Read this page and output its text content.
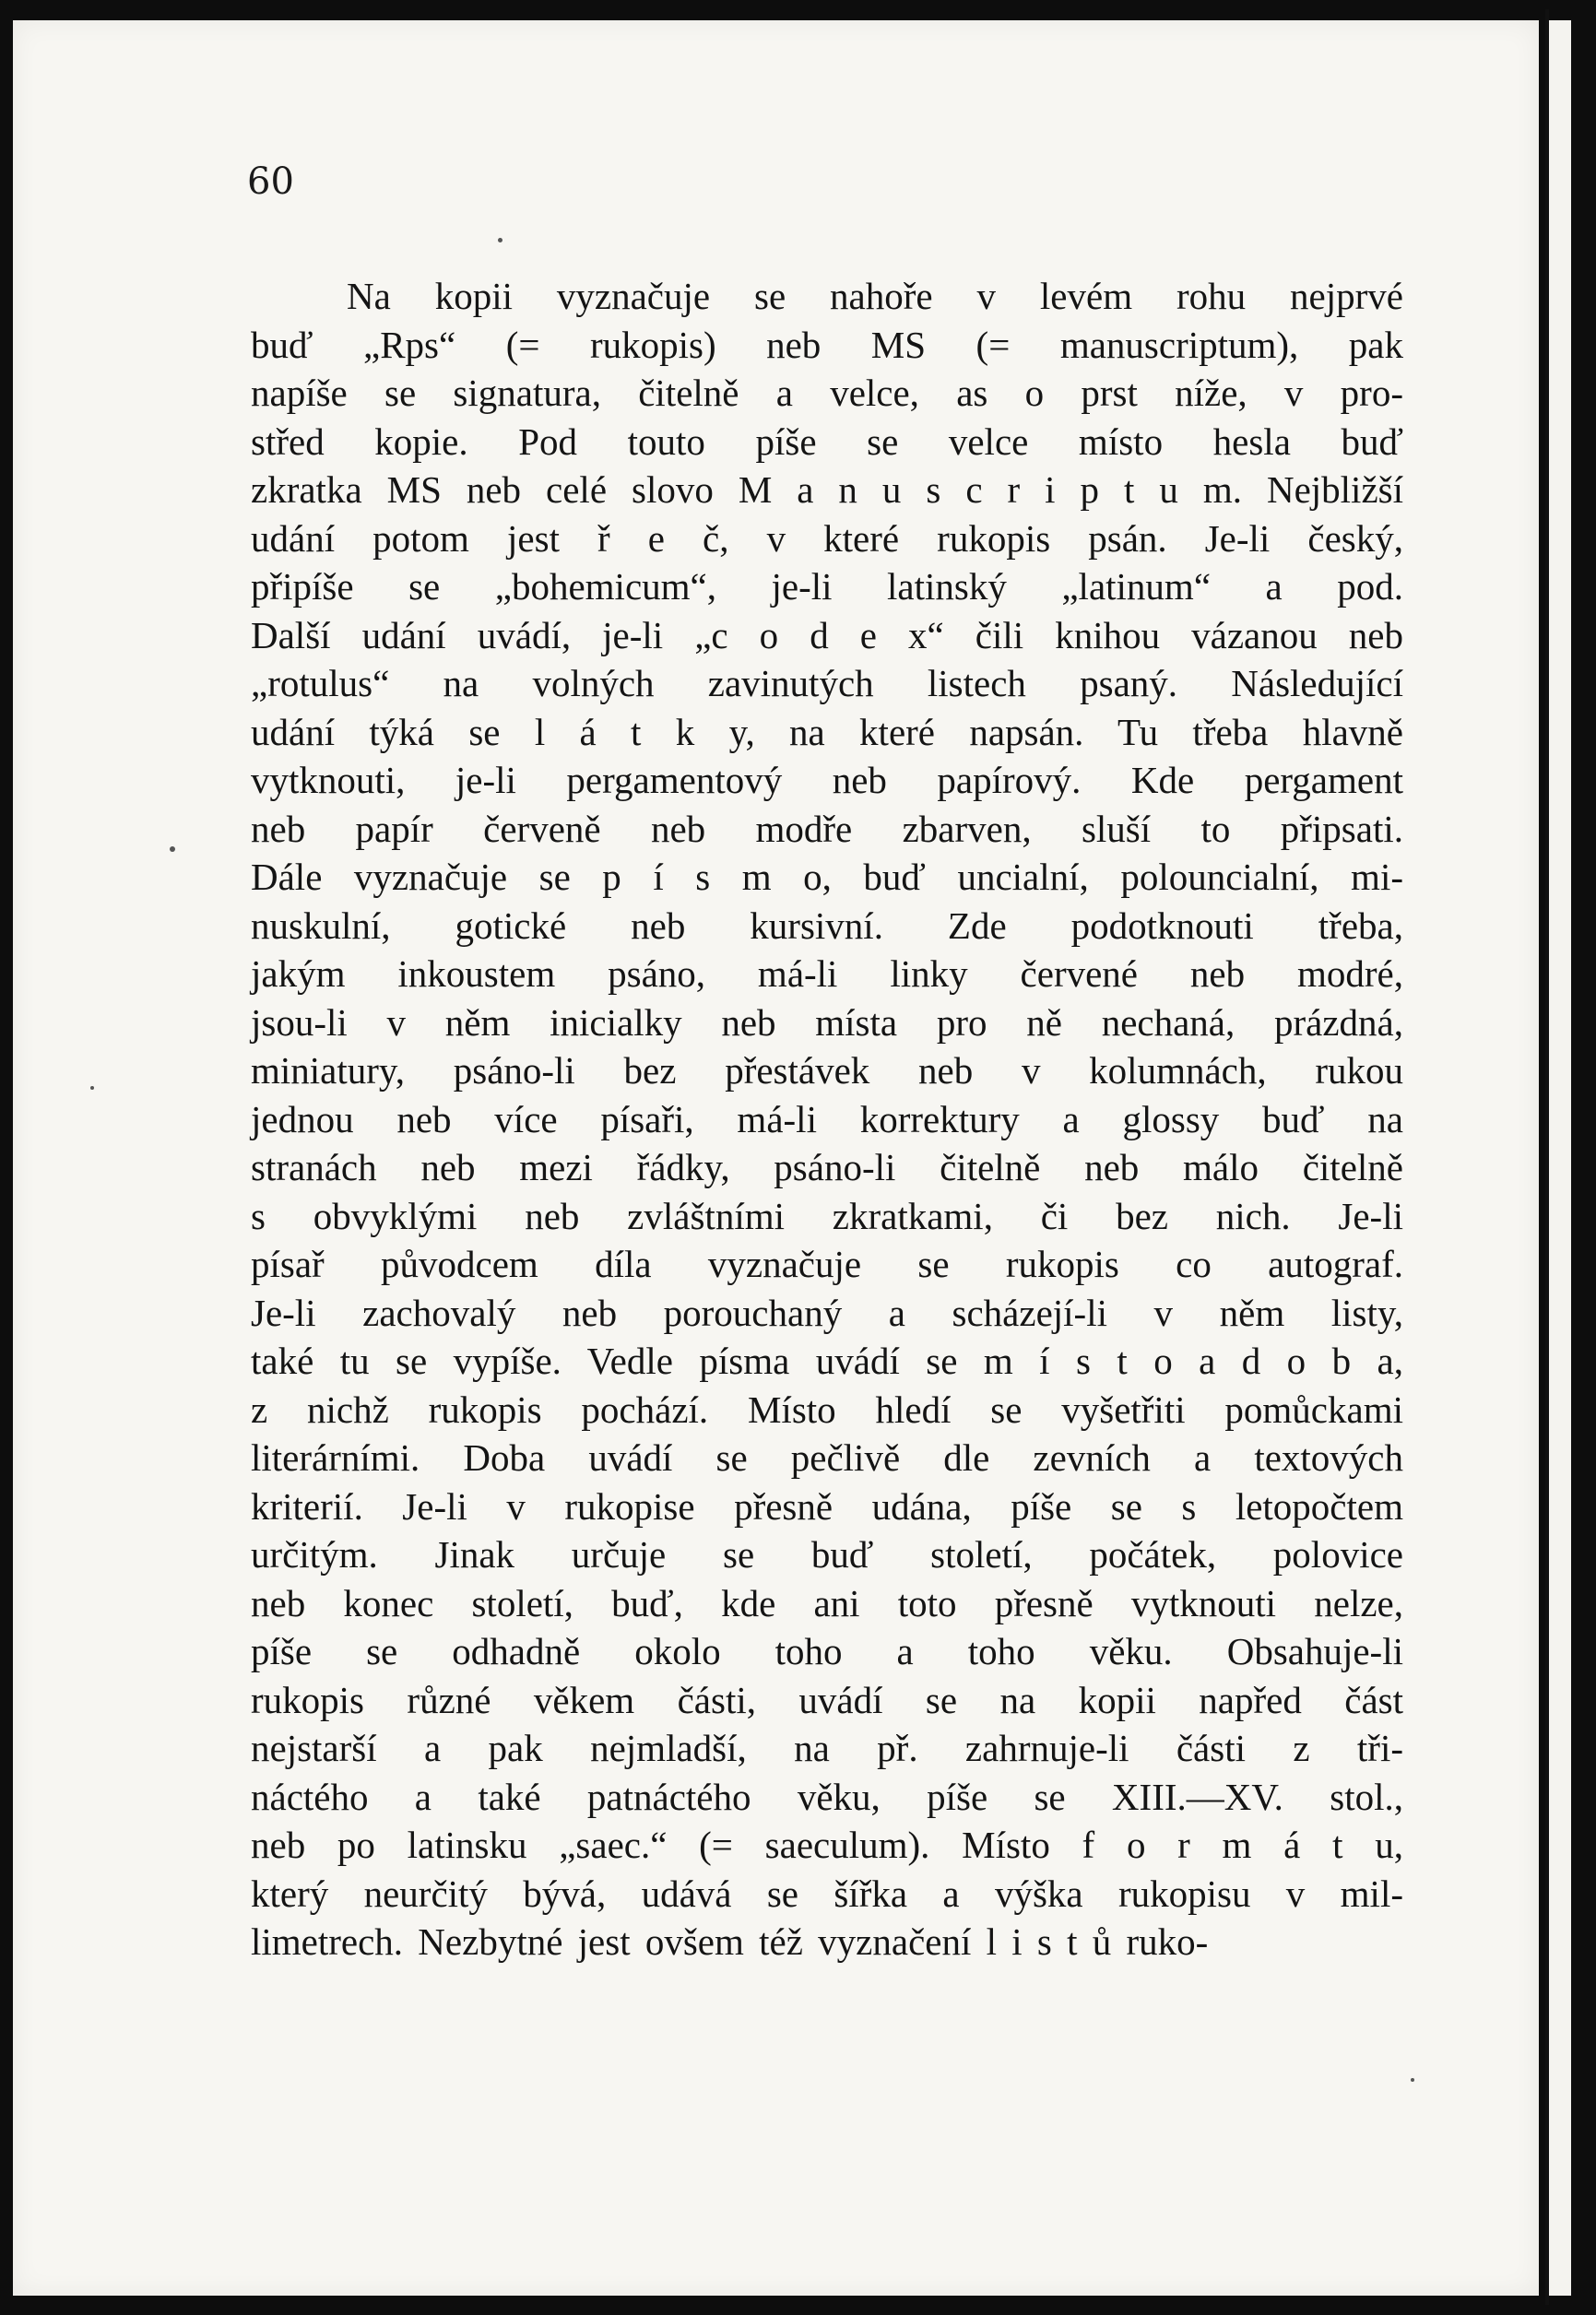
60
Na kopii vyznačuje se nahoře v levém rohu nejprvé
buď „Rps“ (= rukopis) neb MS (= manuscriptum), pak
napíše se signatura, čitelně a velce, as o prst níže, v pro-
střed kopie. Pod touto píše se velce místo hesla buď
zkratka MS neb celé slovo M a n u s c r i p t u m. Nejbližší
udání potom jest ř e č, v které rukopis psán. Je-li český,
připíše se „bohemicum“, je-li latinský „latinum“ a pod.
Další udání uvádí, je-li „c o d e x“ čili knihou vázanou neb
„rotulus“ na volných zavinutých listech psaný. Následující
udání týká se l á t k y, na které napsán. Tu třeba hlavně
vytknouti, je-li pergamentový neb papírový. Kde pergament
neb papír červeně neb modře zbarven, sluší to připsati.
Dále vyznačuje se p í s m o, buď uncialní, polouncialní, mi-
nuskulní, gotické neb kursivní. Zde podotknouti třeba,
jakým inkoustem psáno, má-li linky červené neb modré,
jsou-li v něm inicialky neb místa pro ně nechaná, prázdná,
miniatury, psáno-li bez přestávek neb v kolumnách, rukou
jednou neb více písaři, má-li korrektury a glossy buď na
stranách neb mezi řádky, psáno-li čitelně neb málo čitelně
s obvyklými neb zvláštními zkratkami, či bez nich. Je-li
písař původcem díla vyznačuje se rukopis co autograf.
Je-li zachovalý neb porouchaný a scházejí-li v něm listy,
také tu se vypíše. Vedle písma uvádí se m í s t o a d o b a,
z nichž rukopis pochází. Místo hledí se vyšetřiti pomůckami
literárními. Doba uvádí se pečlivě dle zevních a textových
kriterií. Je-li v rukopise přesně udána, píše se s letopočtem
určitým. Jinak určuje se buď století, počátek, polovice
neb konec století, buď, kde ani toto přesně vytknouti nelze,
píše se odhadně okolo toho a toho věku. Obsahuje-li
rukopis různé věkem části, uvádí se na kopii napřed část
nejstarší a pak nejmladší, na př. zahrnuje-li části z tři-
náctého a také patnáctého věku, píše se XIII.—XV. stol.,
neb po latinsku „saec.“ (= saeculum). Místo f o r m á t u,
který neurčitý bývá, udává se šířka a výška rukopisu v mil-
limetrech. Nezbytné jest ovšem též vyznačení l i s t ů ruko-
